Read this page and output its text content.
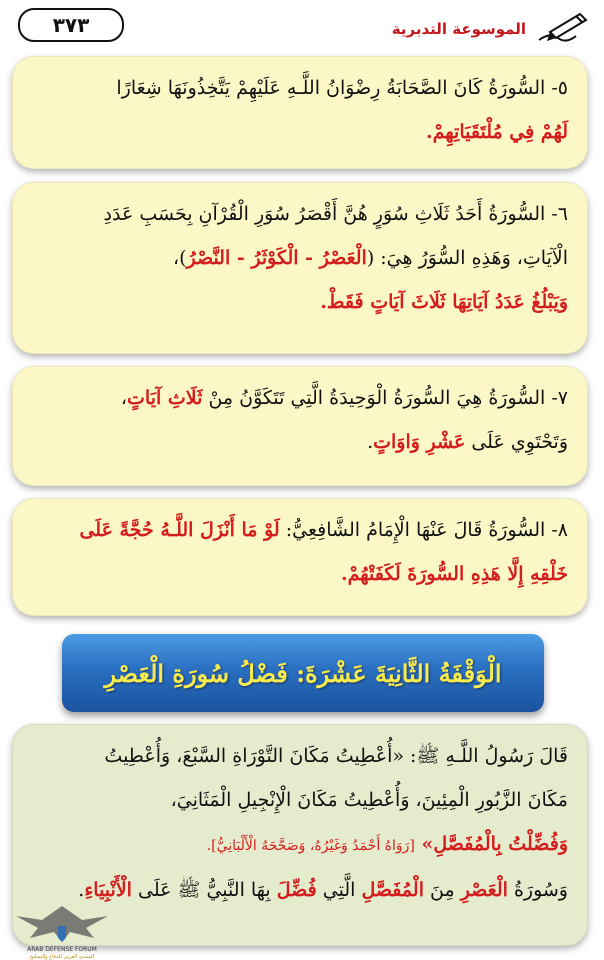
٣٧٣	الموسوعة التدبرية
٥- السُّورَةُ كَانَ الصَّحَابَةُ رِضْوَانُ اللَّـهِ عَلَيْهِمْ يَتَّخِذُونَهَا شِعَارًا
لَهُمْ فِي مُلْتَقَيَاتِهِمْ.
٦- السُّورَةُ أَحَدُ ثَلَاثِ سُوَرٍ هُنَّ أَقْصَرُ سُوَرِ الْقُرْآنِ بِحَسَبِ عَدَدِ
الْآيَاتِ، وَهَذِهِ السُّوَرُ هِيَ: (الْعَصْرُ - الْكَوْثَرُ - النَّصْرُ)،
وَيَبْلُغُ عَدَدُ آيَاتِهَا ثَلَاثَ آيَاتٍ فَقَطْ.
٧- السُّورَةُ هِيَ السُّورَةُ الْوَحِيدَةُ الَّتِي تَتَكَوَّنُ مِنْ ثَلَاثِ آيَاتٍ،
وَتَحْتَوِي عَلَى عَشْرِ وَاوَاتٍ.
٨- السُّورَةُ قَالَ عَنْهَا الْإِمَامُ الشَّافِعِيُّ: لَوْ مَا أَنْزَلَ اللَّـهُ حُجَّةً عَلَى
خَلْقِهِ إِلَّا هَذِهِ السُّورَةَ لَكَفَتْهُمْ.
الْوَقْفَةُ الثَّانِيَةَ عَشْرَةَ: فَضْلُ سُورَةِ الْعَصْرِ
قَالَ رَسُولُ اللَّـهِ ﷺ: «أُعْطِيتُ مَكَانَ التَّوْرَاةِ السَّبْعَ، وَأُعْطِيتُ
مَكَانَ الزَّبُورِ الْمِئِينَ، وَأُعْطِيتُ مَكَانَ الْإِنْجِيلِ الْمَثَانِيَ،
وَفُضِّلْتُ بِالْمُفَصَّلِ» [رَوَاهُ أَحْمَدُ وَغَيْرُهُ، وَصَحَّحَهُ الْأَلْبَانِيُّ].
وَسُورَةُ الْعَصْرِ مِنَ الْمُفَصَّلِ الَّتِي فُضِّلَ بِهَا النَّبِيُّ ﷺ عَلَى الْأَنْبِيَاءِ.
ARAB DEFENSE FORUM
المنتدى العربي للدفاع والتسليح
